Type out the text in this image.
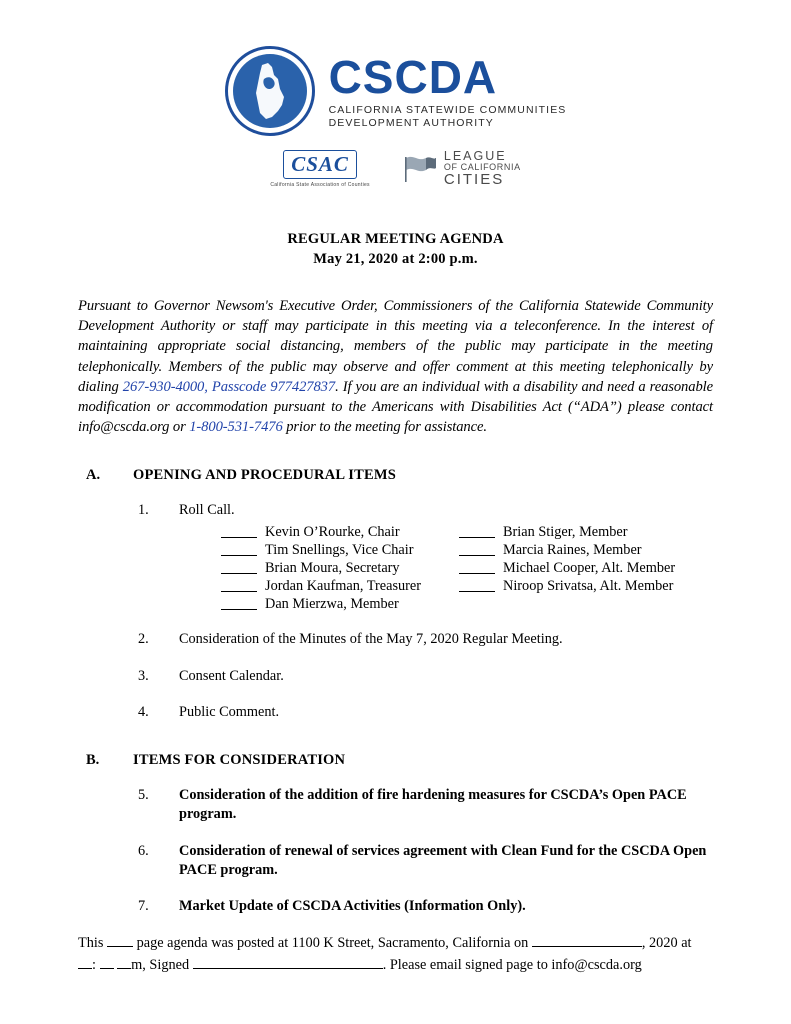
CSCDA
CALIFORNIA STATEWIDE COMMUNITIES
DEVELOPMENT AUTHORITY
CSAC
California State Association of Counties
LEAGUE
OF CALIFORNIA
CITIES
REGULAR MEETING AGENDA
May 21, 2020 at 2:00 p.m.
Pursuant to Governor Newsom's Executive Order, Commissioners of the California Statewide Community Development Authority or staff may participate in this meeting via a teleconference. In the interest of maintaining appropriate social distancing, members of the public may participate in the meeting telephonically. Members of the public may observe and offer comment at this meeting telephonically by dialing 267-930-4000, Passcode 977427837. If you are an individual with a disability and need a reasonable modification or accommodation pursuant to the Americans with Disabilities Act (“ADA”) please contact info@cscda.org or 1-800-531-7476 prior to the meeting for assistance.
A.	OPENING AND PROCEDURAL ITEMS
1.	Roll Call.
Kevin O’Rourke, Chair	Brian Stiger, Member
Tim Snellings, Vice Chair	Marcia Raines, Member
Brian Moura, Secretary	Michael Cooper, Alt. Member
Jordan Kaufman, Treasurer	Niroop Srivatsa, Alt. Member
Dan Mierzwa, Member
2.	Consideration of the Minutes of the May 7, 2020 Regular Meeting.
3.	Consent Calendar.
4.	Public Comment.
B.	ITEMS FOR CONSIDERATION
5.	Consideration of the addition of fire hardening measures for CSCDA’s Open PACE program.
6.	Consideration of renewal of services agreement with Clean Fund for the CSCDA Open PACE program.
7.	Market Update of CSCDA Activities (Information Only).
This  page agenda was posted at 1100 K Street, Sacramento, California on	, 2020 at
:  m, Signed	. Please email signed page to info@cscda.org
